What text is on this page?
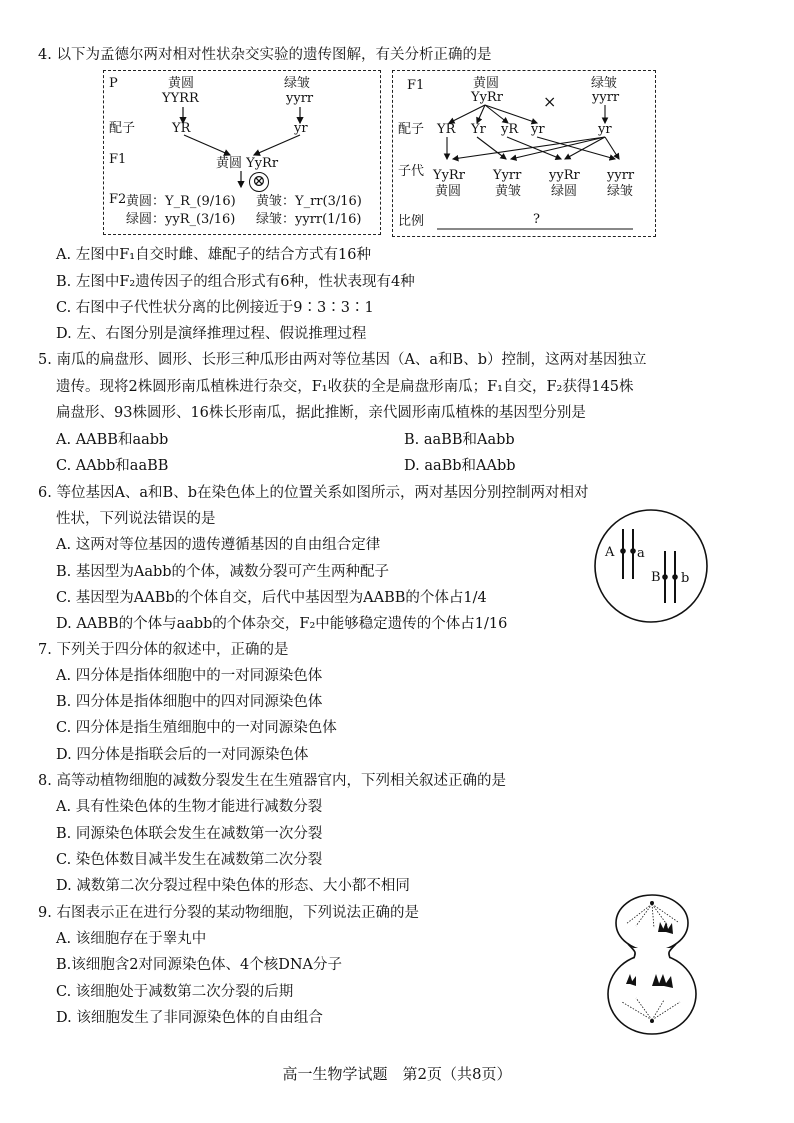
4. 以下为孟德尔两对相对性状杂交实验的遗传图解，有关分析正确的是
P	黄圆
YYRR
绿皱
yyrr
配子	YR	yr
F1	黄圆 YyRr
⊗
F2 黄圆：Y_R_(9/16) 黄皱：Y_rr(3/16)
绿圆：yyR_(3/16) 绿皱：yyrr(1/16)
F1	黄圆
YyRr	×
绿皱
yyrr
配子 YR Yr yR yr	yr
子代 YyRr Yyrr yyRr yyrr
黄圆	黄皱 绿圆 绿皱
比例	?
A. 左图中F₁自交时雌、雄配子的结合方式有16种
B. 左图中F₂遗传因子的组合形式有6种，性状表现有4种
C. 右图中子代性状分离的比例接近于9∶3∶3∶1
D. 左、右图分别是演绎推理过程、假说推理过程
5. 南瓜的扁盘形、圆形、长形三种瓜形由两对等位基因（A、a和B、b）控制，这两对基因独立
遗传。现将2株圆形南瓜植株进行杂交，F₁收获的全是扁盘形南瓜；F₁自交，F₂获得145株
扁盘形、93株圆形、16株长形南瓜，据此推断，亲代圆形南瓜植株的基因型分别是
A. AABB和aabb	B. aaBB和Aabb
C. AAbb和aaBB	D. aaBb和AAbb
6. 等位基因A、a和B、b在染色体上的位置关系如图所示，两对基因分别控制两对相对
性状，下列说法错误的是
A. 这两对等位基因的遗传遵循基因的自由组合定律
B. 基因型为Aabb的个体，减数分裂可产生两种配子
C. 基因型为AABb的个体自交，后代中基因型为AABB的个体占1/4
D. AABB的个体与aabb的个体杂交，F₂中能够稳定遗传的个体占1/16
A a
B b
7. 下列关于四分体的叙述中，正确的是
A. 四分体是指体细胞中的一对同源染色体
B. 四分体是指体细胞中的四对同源染色体
C. 四分体是指生殖细胞中的一对同源染色体
D. 四分体是指联会后的一对同源染色体
8. 高等动植物细胞的减数分裂发生在生殖器官内，下列相关叙述正确的是
A. 具有性染色体的生物才能进行减数分裂
B. 同源染色体联会发生在减数第一次分裂
C. 染色体数目减半发生在减数第二次分裂
D. 减数第二次分裂过程中染色体的形态、大小都不相同
9. 右图表示正在进行分裂的某动物细胞，下列说法正确的是
A. 该细胞存在于睾丸中
B.该细胞含2对同源染色体、4个核DNA分子
C. 该细胞处于减数第二次分裂的后期
D. 该细胞发生了非同源染色体的自由组合
高一生物学试题　第2页（共8页）
